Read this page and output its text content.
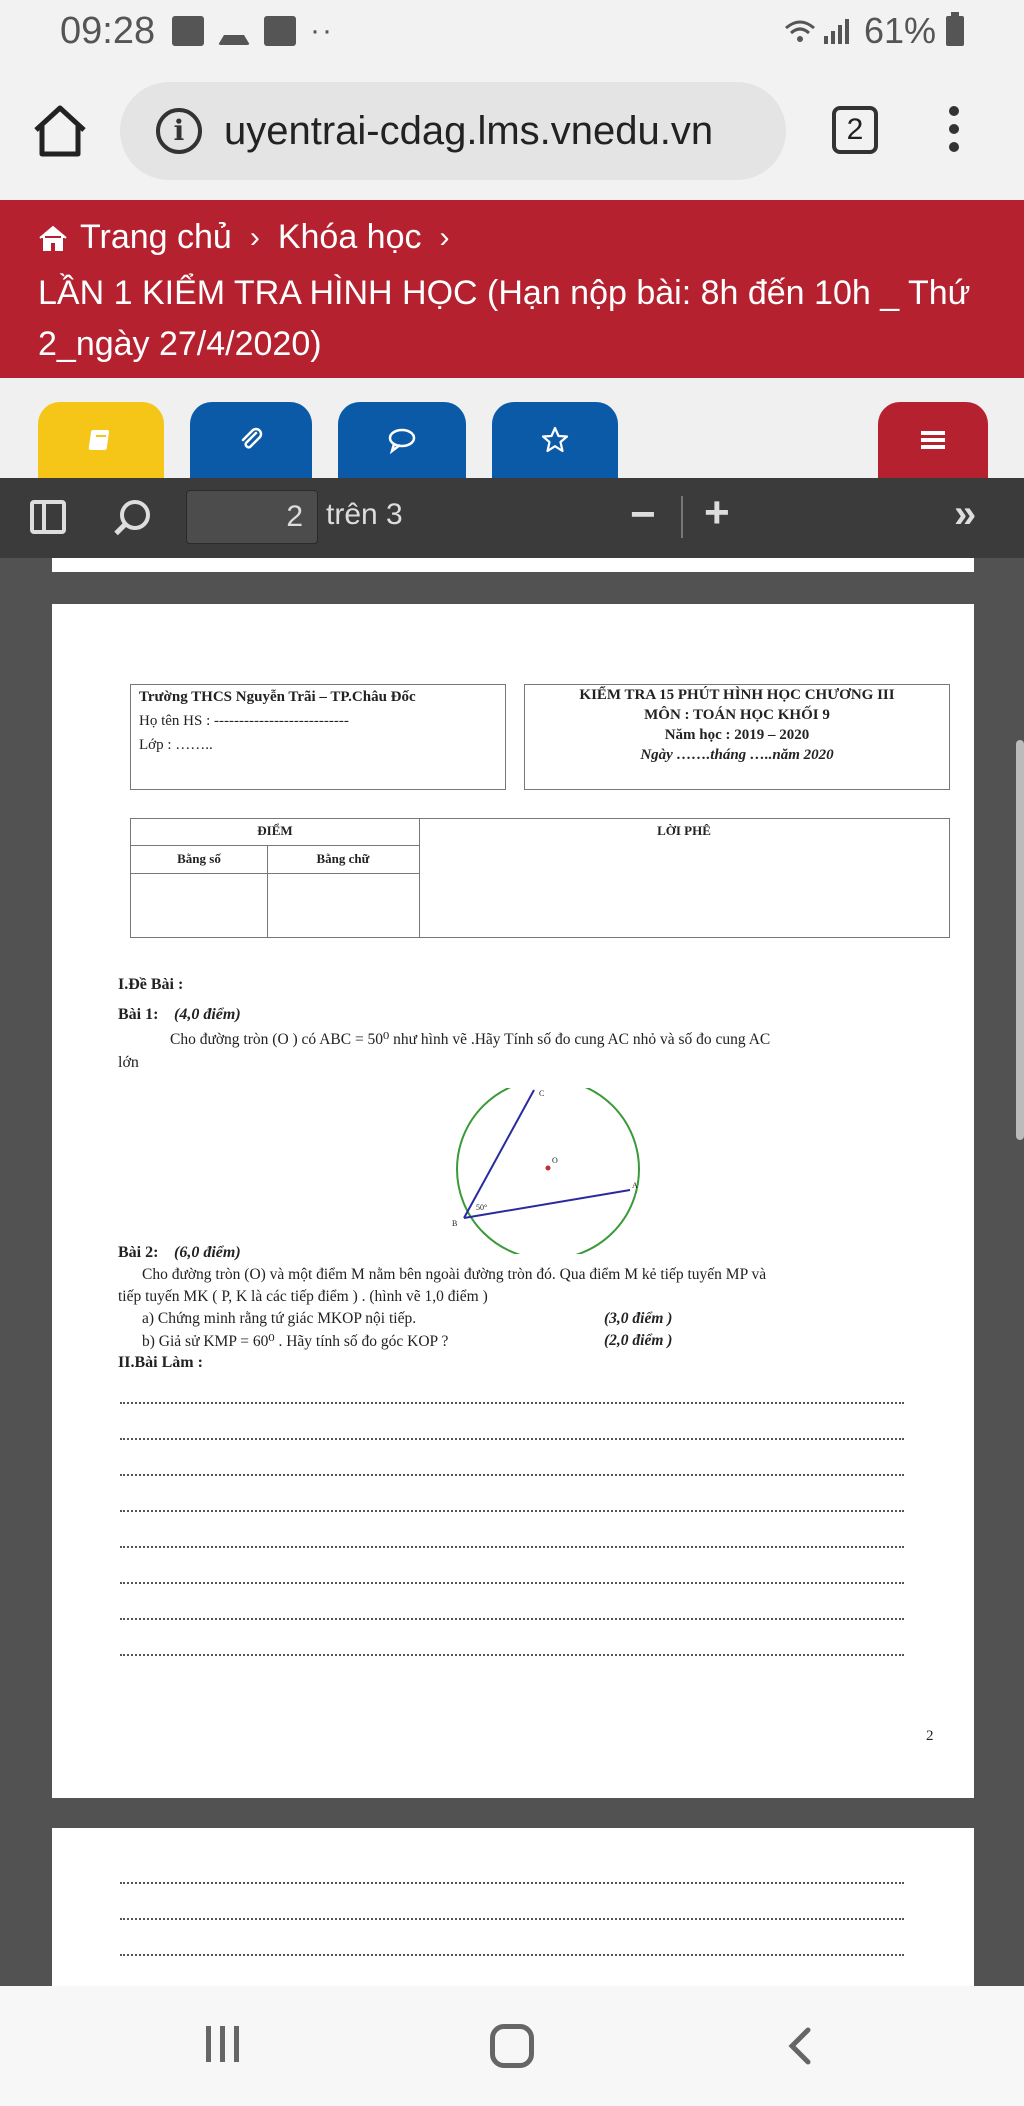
09:28	··	61%
i
uyentrai-cdag.lms.vnedu.vn	2
Trang chủ › Khóa học ›
LẦN 1 KIỂM TRA HÌNH HỌC (Hạn nộp bài: 8h đến 10h _ Thứ 2_ngày 27/4/2020)
2 trên 3	− +	»
Trường THCS Nguyễn Trãi – TP.Châu Đốc
Họ tên HS : ---------------------------
Lớp : ……..
KIỂM TRA 15 PHÚT HÌNH HỌC CHƯƠNG III
MÔN : TOÁN HỌC KHỐI 9
Năm học : 2019 – 2020
Ngày …….tháng …..năm 2020
ĐIỂM
Bằng số	Bằng chữ
LỜI PHÊ
I.Đề Bài :
Bài 1: (4,0 điểm)
Cho đường tròn (O ) có ABC = 50⁰ như hình vẽ .Hãy Tính số đo cung AC nhỏ và số đo cung AC
lớn
O
C
A
B
50°
Bài 2: (6,0 điểm)
Cho đường tròn (O) và một điểm M nằm bên ngoài đường tròn đó. Qua điểm M kẻ tiếp tuyến MP và
tiếp tuyến MK ( P, K là các tiếp điểm ) . (hình vẽ 1,0 điểm )
a) Chứng minh rằng tứ giác MKOP nội tiếp.	(3,0 điểm )
b) Giả sử KMP = 60⁰ . Hãy tính số đo góc KOP ?	(2,0 điểm )
II.Bài Làm :
2
